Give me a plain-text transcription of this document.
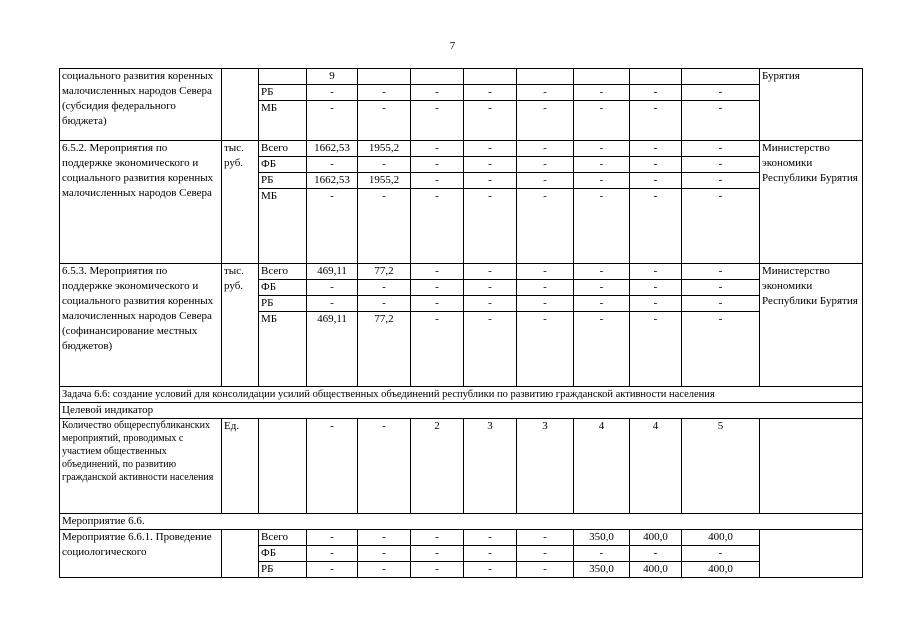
7
социального развития коренных малочисленных народов Севера (субсидия федерального бюджета)			9								Бурятия
		РБ	-	-	-	-	-	-	-	-	
		МБ	-	-	-	-	-	-	-	-	
6.5.2. Мероприятия по поддержке экономического и социального развития коренных малочисленных народов Севера	тыс. руб.	Всего	1662,53	1955,2	-	-	-	-	-	-	Министерство экономики Республики Бурятия
		ФБ	-	-	-	-	-	-	-	-	
		РБ	1662,53	1955,2	-	-	-	-	-	-	
		МБ	-	-	-	-	-	-	-	-	
6.5.3. Мероприятия по поддержке экономического и социального развития коренных малочисленных народов Севера (софинансирование местных бюджетов)	тыс. руб.	Всего	469,11	77,2	-	-	-	-	-	-	Министерство экономики Республики Бурятия
		ФБ	-	-	-	-	-	-	-	-	
		РБ	-	-	-	-	-	-	-	-	
		МБ	469,11	77,2	-	-	-	-	-	-	
Задача 6.6: создание условий для консолидации усилий общественных объединений республики по развитию гражданской активности населения											
Целевой индикатор											
Количество общереспубликанских мероприятий, проводимых с участием общественных объединений, по развитию гражданской активности населения	Ед.		-	-	2	3	3	4	4	5	
Мероприятие 6.6.											
Мероприятие 6.6.1. Проведение социологического		Всего	-	-	-	-	-	350,0	400,0	400,0	
		ФБ	-	-	-	-	-	-	-	-	
		РБ	-	-	-	-	-	350,0	400,0	400,0	
